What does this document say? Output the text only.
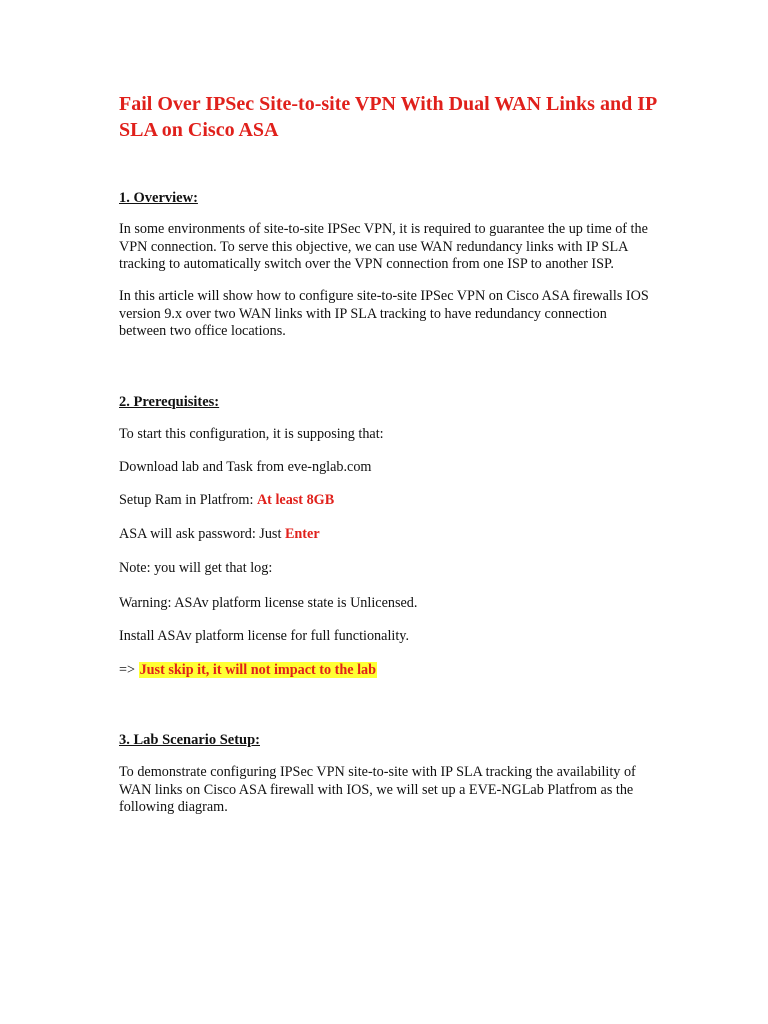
Fail Over IPSec Site-to-site VPN With Dual WAN Links and IP SLA on Cisco ASA
1. Overview:
In some environments of site-to-site IPSec VPN, it is required to guarantee the up time of the
VPN connection. To serve this objective, we can use WAN redundancy links with IP SLA
tracking to automatically switch over the VPN connection from one ISP to another ISP.
In this article will show how to configure site-to-site IPSec VPN on Cisco ASA firewalls IOS
version 9.x over two WAN links with IP SLA tracking to have redundancy connection
between two office locations.
2. Prerequisites:

To start this configuration, it is supposing that:

Download lab and Task from eve-nglab.com

Setup Ram in Platfrom: At least 8GB

ASA will ask password: Just Enter

Note: you will get that log:

Warning: ASAv platform license state is Unlicensed.

Install ASAv platform license for full functionality.

=> Just skip it, it will not impact to the lab

3. Lab Scenario Setup:
To demonstrate configuring IPSec VPN site-to-site with IP SLA tracking the availability of
WAN links on Cisco ASA firewall with IOS, we will set up a EVE-NGLab Platfrom as the
following diagram.
